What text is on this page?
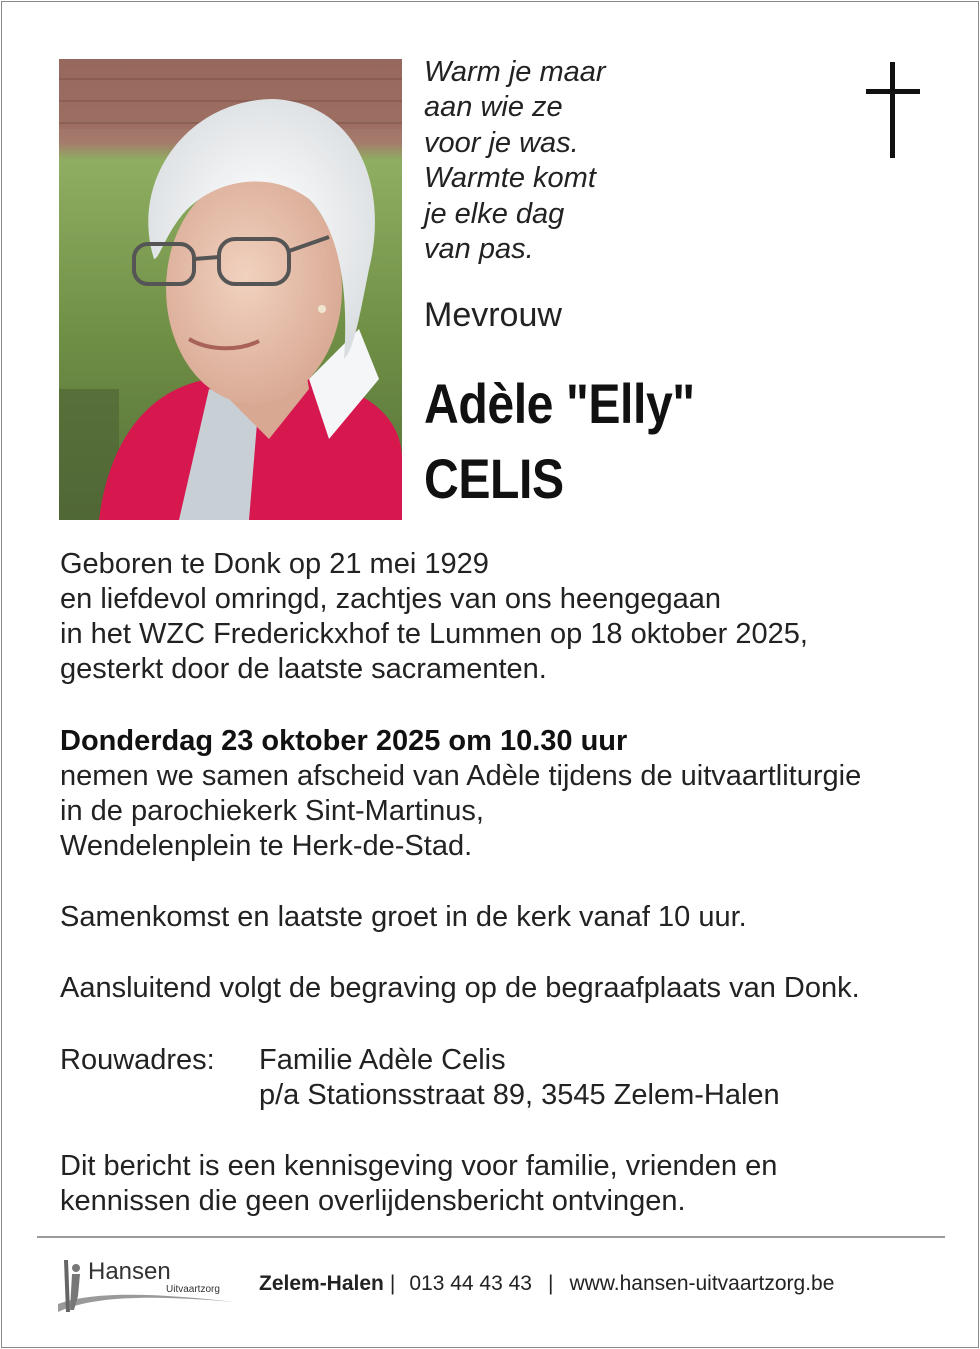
Warm je maar
aan wie ze
voor je was.
Warmte komt
je elke dag
van pas.
Mevrouw
Adèle "Elly"
CELIS
Geboren te Donk op 21 mei 1929
en liefdevol omringd, zachtjes van ons heengegaan
in het WZC Frederickxhof te Lummen op 18 oktober 2025,
gesterkt door de laatste sacramenten.
Donderdag 23 oktober 2025 om 10.30 uur
nemen we samen afscheid van Adèle tijdens de uitvaartliturgie
in de parochiekerk Sint-Martinus,
Wendelenplein te Herk-de-Stad.
Samenkomst en laatste groet in de kerk vanaf 10 uur.
Aansluitend volgt de begraving op de begraafplaats van Donk.
Rouwadres: Familie Adèle Celis
p/a Stationsstraat 89, 3545 Zelem-Halen
Dit bericht is een kennisgeving voor familie, vrienden en
kennissen die geen overlijdensbericht ontvingen.
Hansen
Uitvaartzorg Zelem-Halen | 013 44 43 43 | www.hansen-uitvaartzorg.be
